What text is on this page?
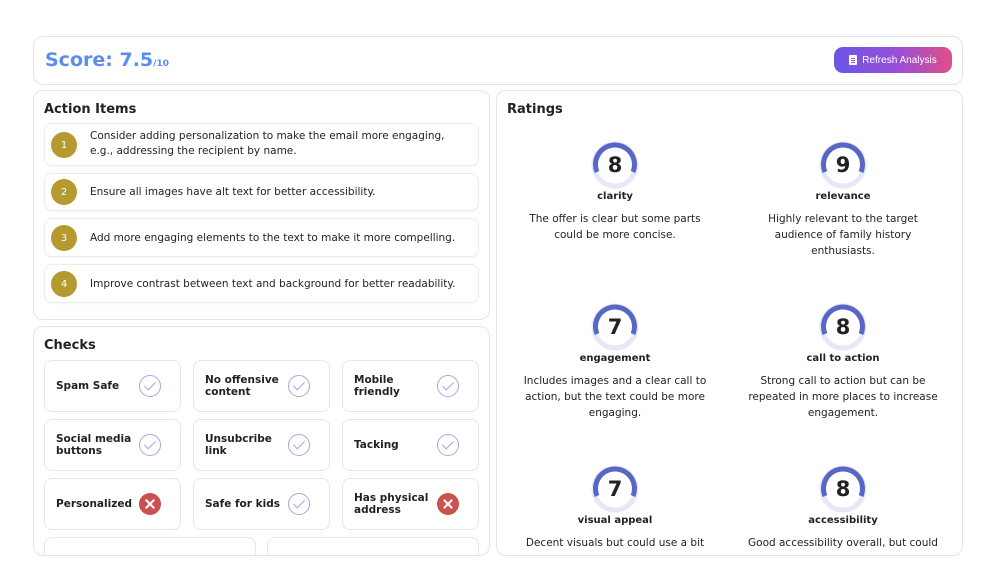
Score: 7.5/10	Refresh Analysis
Action Items
1
Consider adding personalization to make the email more engaging, e.g., addressing the recipient by name.
2	Ensure all images have alt text for better accessibility.
3	Add more engaging elements to the text to make it more compelling.
4	Improve contrast between text and background for better readability.
Checks
Spam Safe	No offensive content
Mobile friendly
Social media buttons
Unsubcribe link	Tacking
Personalized	Safe for kids	Has physical address
Ratings
8
clarity
The offer is clear but some parts could be more concise.
9
relevance
Highly relevant to the target audience of family history enthusiasts.
7
engagement
Includes images and a clear call to action, but the text could be more engaging.
8
call to action
Strong call to action but can be repeated in more places to increase engagement.
7
visual appeal
Decent visuals but could use a bit
8
accessibility
Good accessibility overall, but could
